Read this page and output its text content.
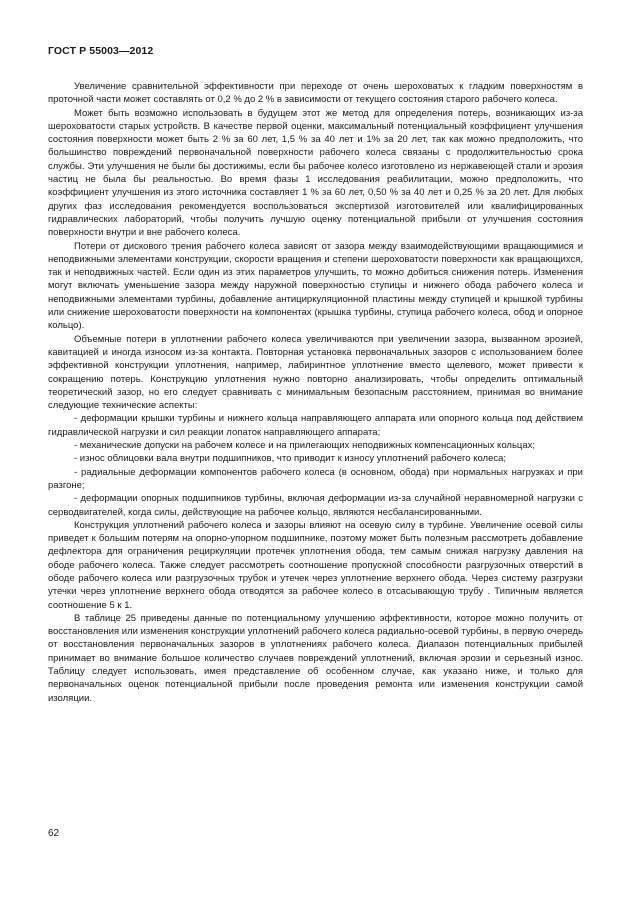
ГОСТ Р 55003—2012

Увеличение сравнительной эффективности при переходе от очень шероховатых к гладким поверхностям в проточной части может составлять от 0,2 % до 2 % в зависимости от текущего состояния старого рабочего колеса.

Может быть возможно использовать в будущем этот же метод для определения потерь, возникающих из-за шероховатости старых устройств. В качестве первой оценки, максимальный потенциальный коэффициент улучшения состояния поверхности может быть 2 % за 60 лет, 1,5 % за 40 лет и 1% за 20 лет, так как можно предположить, что большинство повреждений первоначальной поверхности рабочего колеса связаны с продолжительностью срока службы. Эти улучшения не были бы достижимы, если бы рабочее колесо изготовлено из нержавеющей стали и эрозия частиц не была бы реальностью. Во время фазы 1 исследования реабилитации, можно предположить, что коэффициент улучшения из этого источника составляет 1 % за 60 лет, 0,50 % за 40 лет и 0,25 % за 20 лет. Для любых других фаз исследования рекомендуется воспользоваться экспертизой изготовителей или квалифицированных гидравлических лабораторий, чтобы получить лучшую оценку потенциальной прибыли от улучшения состояния поверхности внутри и вне рабочего колеса.

Потери от дискового трения рабочего колеса зависят от зазора между взаимодействующими вращающимися и неподвижными элементами конструкции, скорости вращения и степени шероховатости поверхности как вращающихся, так и неподвижных частей. Если один из этих параметров улучшить, то можно добиться снижения потерь. Изменения могут включать уменьшение зазора между наружной поверхностью ступицы и нижнего обода рабочего колеса и неподвижными элементами турбины, добавление антициркуляционной пластины между ступицей и крышкой турбины или снижение шероховатости поверхности на компонентах (крышка турбины, ступица рабочего колеса, обод и опорное кольцо).

Объемные потери в уплотнении рабочего колеса увеличиваются при увеличении зазора, вызванном эрозией, кавитацией и иногда износом из-за контакта. Повторная установка первоначальных зазоров с использованием более эффективной конструкции уплотнения, например, лабиринтное уплотнение вместо щелевого, может привести к сокращению потерь. Конструкцию уплотнения нужно повторно анализировать, чтобы определить оптимальный теоретический зазор, но его следует сравнивать с минимальным безопасным расстоянием, принимая во внимание следующие технические аспекты:

- деформации крышки турбины и нижнего кольца направляющего аппарата или опорного кольца под действием гидравлической нагрузки и сил реакции лопаток направляющего аппарата;

- механические допуски на рабочем колесе и на прилегающих неподвижных компенсационных кольцах;

- износ облицовки вала внутри подшипников, что приводит к износу уплотнений рабочего колеса;

- радиальные деформации компонентов рабочего колеса (в основном, обода) при нормальных нагрузках и при разгоне;

- деформации опорных подшипников турбины, включая деформации из-за случайной неравномерной нагрузки с серводвигателей, когда силы, действующие на рабочее кольцо, являются несбалансированными.

Конструкция уплотнений рабочего колеса и зазоры влияют на осевую силу в турбине. Увеличение осевой силы приведет к большим потерям на опорно-упорном подшипнике, поэтому может быть полезным рассмотреть добавление дефлектора для ограничения рециркуляции протечек уплотнения обода, тем самым снижая нагрузку давления на ободе рабочего колеса. Также следует рассмотреть соотношение пропускной способности разгрузочных отверстий в ободе рабочего колеса или разгрузочных трубок и утечек через уплотнение верхнего обода. Через систему разгрузки утечки через уплотнение верхнего обода отводятся за рабочее колесо в отсасывающую трубу . Типичным является соотношение 5 к 1.

В таблице 25 приведены данные по потенциальному улучшению эффективности, которое можно получить от восстановления или изменения конструкции уплотнений рабочего колеса радиально-осевой турбины, в первую очередь от восстановления первоначальных зазоров в уплотнениях рабочего колеса. Диапазон потенциальных прибылей принимает во внимание большое количество случаев повреждений уплотнений, включая эрозии и серьезный износ. Таблицу следует использовать, имея представление об особенном случае, как указано ниже, и только для первоначальных оценок потенциальной прибыли после проведения ремонта или изменения конструкции самой изоляции.

62
